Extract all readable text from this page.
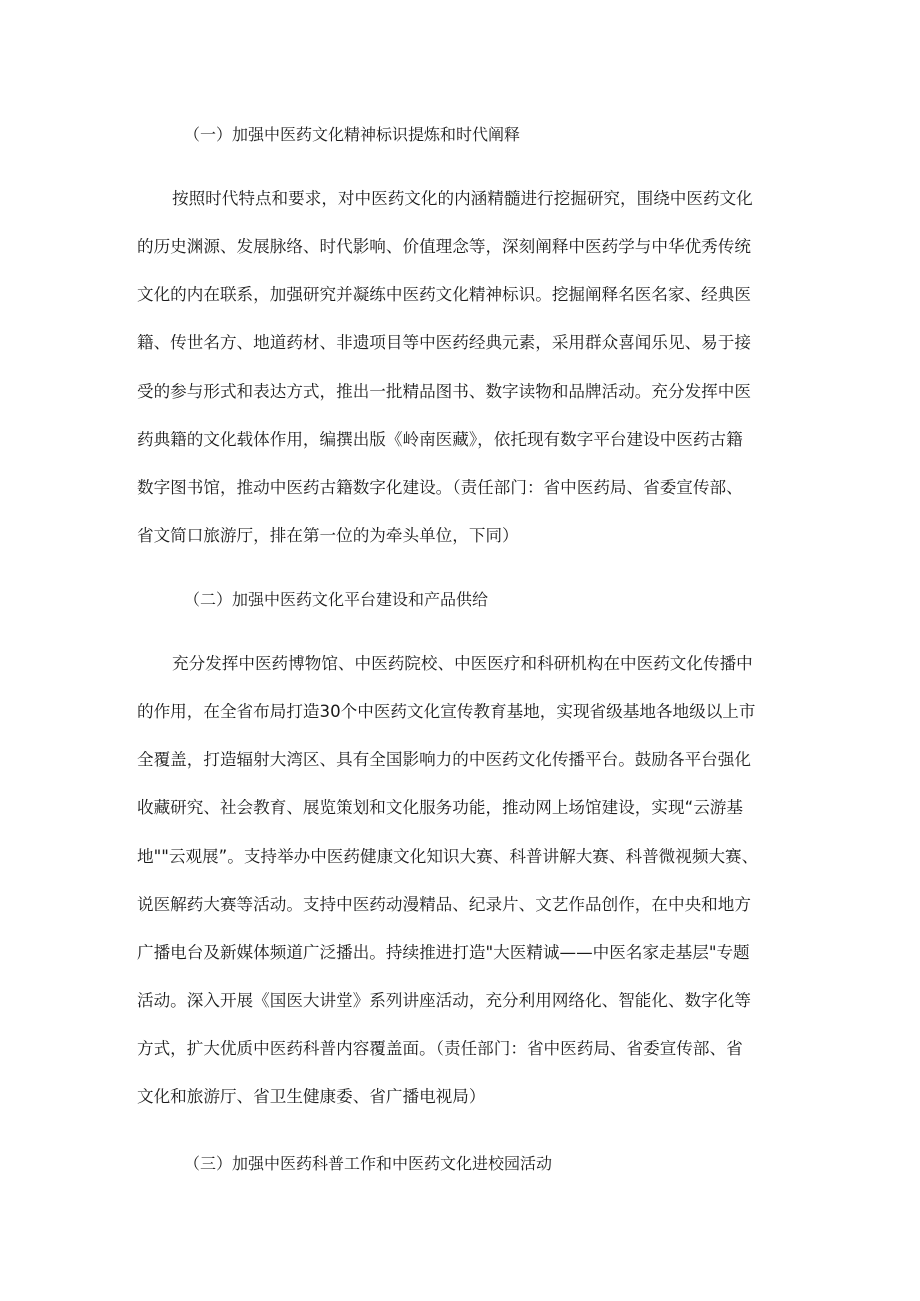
（一）加强中医药文化精神标识提炼和时代阐释
按照时代特点和要求，对中医药文化的内涵精髓进行挖掘研究，围绕中医药文化
的历史渊源、发展脉络、时代影响、价值理念等，深刻阐释中医药学与中华优秀传统
文化的内在联系，加强研究并凝练中医药文化精神标识。挖掘阐释名医名家、经典医
籍、传世名方、地道药材、非遗项目等中医药经典元素，采用群众喜闻乐见、易于接
受的参与形式和表达方式，推出一批精品图书、数字读物和品牌活动。充分发挥中医
药典籍的文化载体作用，编撰出版《岭南医藏》，依托现有数字平台建设中医药古籍
数字图书馆，推动中医药古籍数字化建设。（责任部门：省中医药局、省委宣传部、
省文简口旅游厅，排在第一位的为牵头单位，下同）
（二）加强中医药文化平台建设和产品供给
充分发挥中医药博物馆、中医药院校、中医医疗和科研机构在中医药文化传播中
的作用，在全省布局打造30个中医药文化宣传教育基地，实现省级基地各地级以上市
全覆盖，打造辐射大湾区、具有全国影响力的中医药文化传播平台。鼓励各平台强化
收藏研究、社会教育、展览策划和文化服务功能，推动网上场馆建设，实现“云游基
地""云观展”。支持举办中医药健康文化知识大赛、科普讲解大赛、科普微视频大赛、
说医解药大赛等活动。支持中医药动漫精品、纪录片、文艺作品创作，在中央和地方
广播电台及新媒体频道广泛播出。持续推进打造"大医精诚——中医名家走基层"专题
活动。深入开展《国医大讲堂》系列讲座活动，充分利用网络化、智能化、数字化等
方式，扩大优质中医药科普内容覆盖面。（责任部门：省中医药局、省委宣传部、省
文化和旅游厅、省卫生健康委、省广播电视局）
（三）加强中医药科普工作和中医药文化进校园活动
